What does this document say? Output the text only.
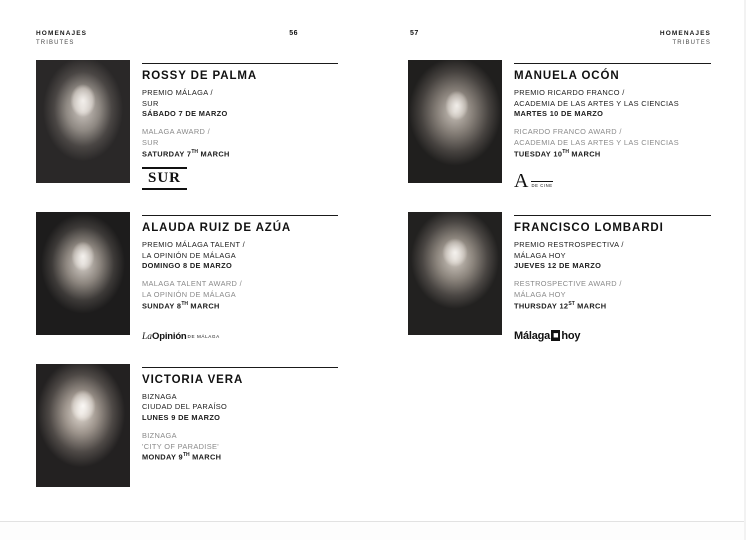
HOMENAJES
TRIBUTES
56
ROSSY DE PALMA
PREMIO MÁLAGA /
SUR
SÁBADO 7 DE MARZO
MALAGA AWARD /
SUR
SATURDAY 7TH MARCH
SUR
ALAUDA RUIZ DE AZÚA
PREMIO MÁLAGA TALENT /
LA OPINIÓN DE MÁLAGA
DOMINGO 8 DE MARZO
MALAGA TALENT AWARD /
LA OPINIÓN DE MÁLAGA
SUNDAY 8TH MARCH
La Opinión DE MÁLAGA
VICTORIA VERA
BIZNAGA
CIUDAD DEL PARAÍSO
LUNES 9 DE MARZO
BIZNAGA
'CITY OF PARADISE'
MONDAY 9TH MARCH
57	HOMENAJES
TRIBUTES
MANUELA OCÓN
PREMIO RICARDO FRANCO /
ACADEMIA DE LAS ARTES Y LAS CIENCIAS
MARTES 10 DE MARZO
RICARDO FRANCO AWARD /
ACADEMIA DE LAS ARTES Y LAS CIENCIAS
TUESDAY 10TH MARCH
A DE CINE
FRANCISCO LOMBARDI
PREMIO RESTROSPECTIVA /
MÁLAGA HOY
JUEVES 12 DE MARZO
RESTROSPECTIVE AWARD /
MÁLAGA HOY
THURSDAY 12ST MARCH
Málaga ■ hoy
